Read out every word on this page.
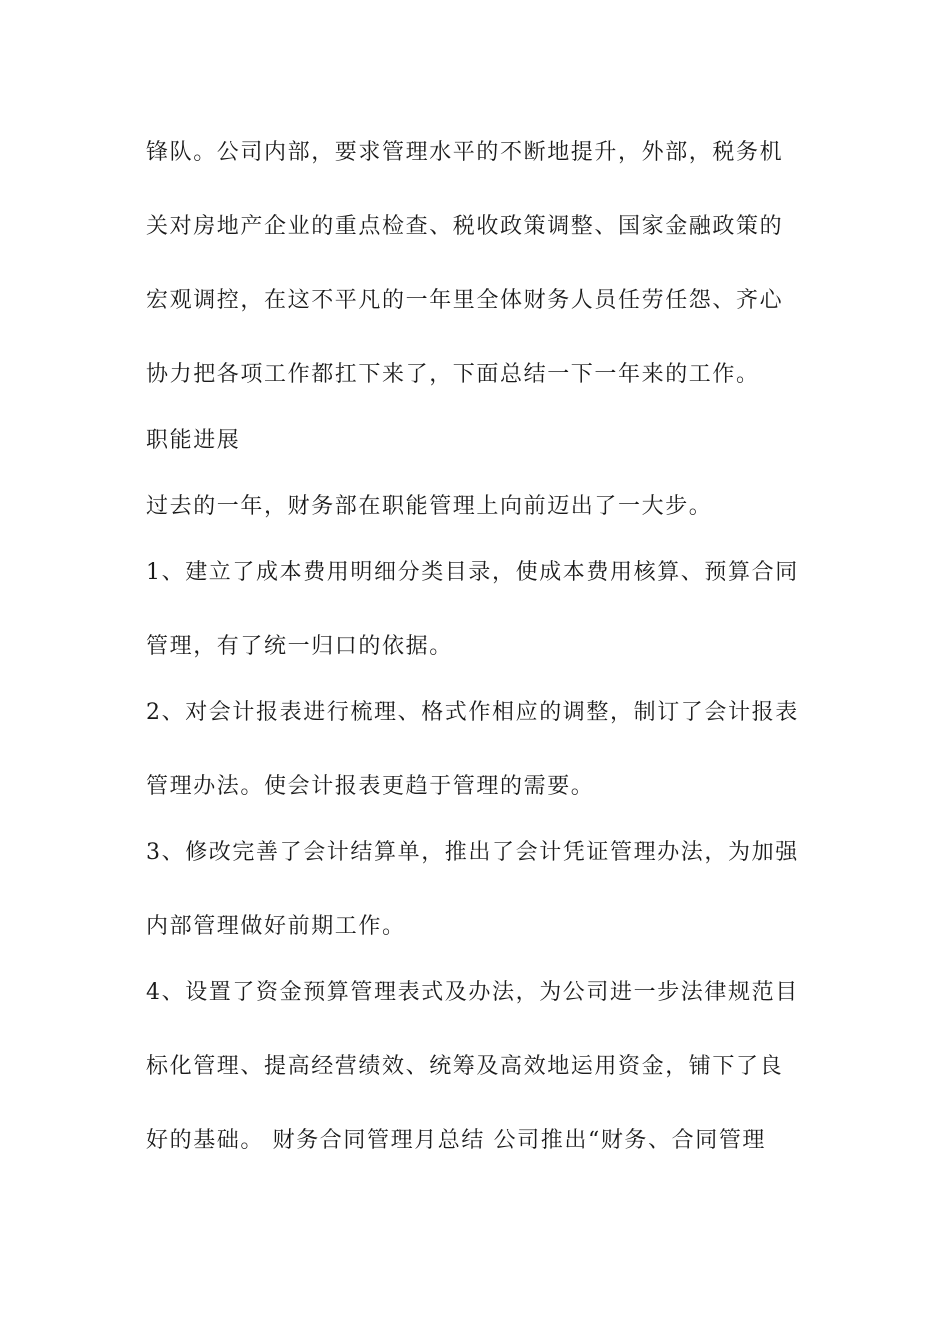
锋队。公司内部，要求管理水平的不断地提升，外部，税务机
关对房地产企业的重点检查、税收政策调整、国家金融政策的
宏观调控，在这不平凡的一年里全体财务人员任劳任怨、齐心
协力把各项工作都扛下来了，下面总结一下一年来的工作。
职能进展
过去的一年，财务部在职能管理上向前迈出了一大步。
1、建立了成本费用明细分类目录，使成本费用核算、预算合同
管理，有了统一归口的依据。
2、对会计报表进行梳理、格式作相应的调整，制订了会计报表
管理办法。使会计报表更趋于管理的需要。
3、修改完善了会计结算单，推出了会计凭证管理办法，为加强
内部管理做好前期工作。
4、设置了资金预算管理表式及办法，为公司进一步法律规范目
标化管理、提高经营绩效、统筹及高效地运用资金，铺下了良
好的基础。 财务合同管理月总结 公司推出“财务、合同管理
